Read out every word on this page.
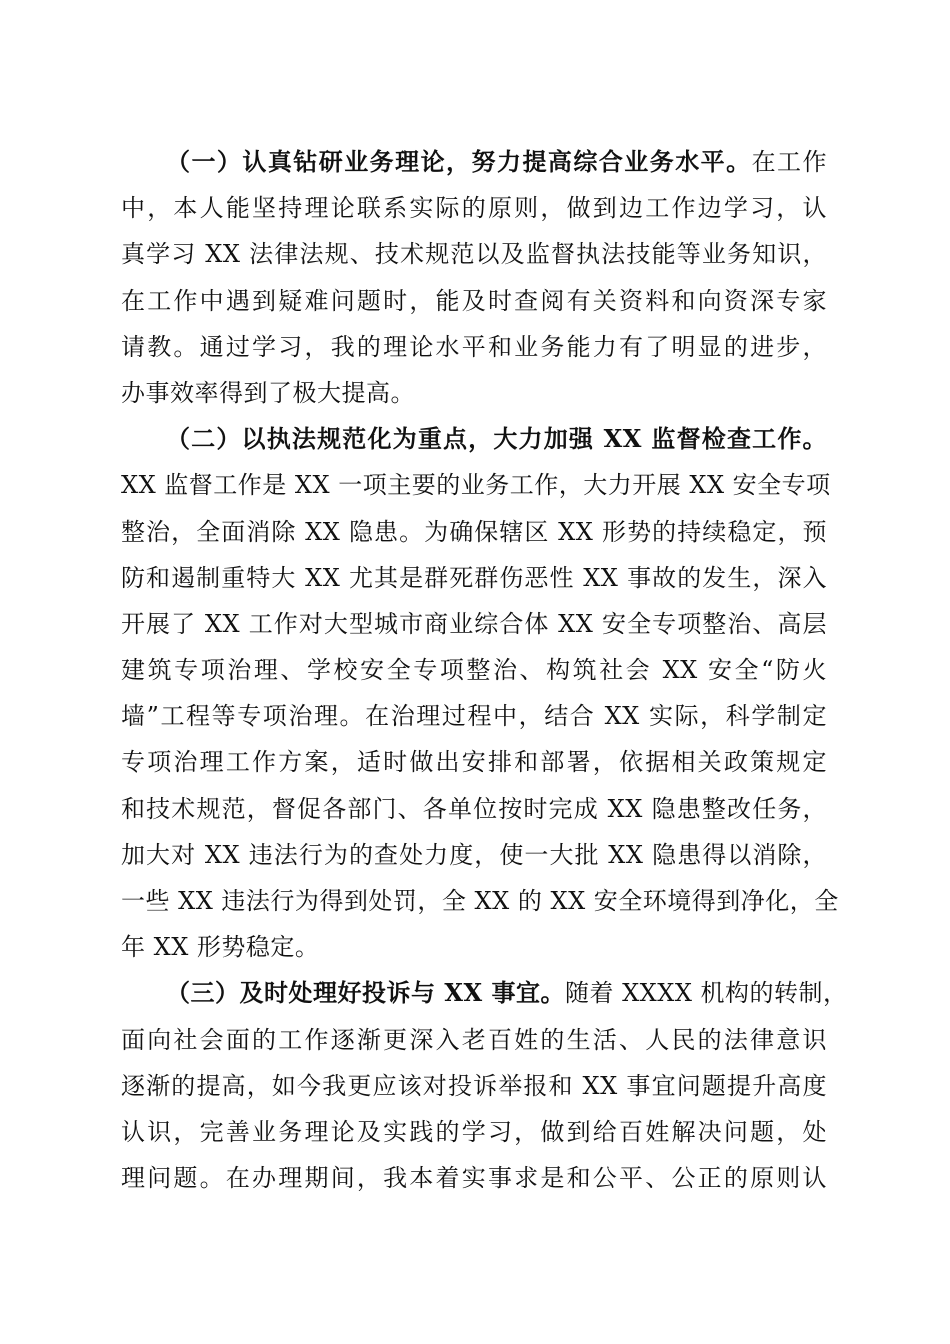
（一）认真钻研业务理论，努力提高综合业务水平。在工作
中，本人能坚持理论联系实际的原则，做到边工作边学习，认
真学习 XX 法律法规、技术规范以及监督执法技能等业务知识，
在工作中遇到疑难问题时，能及时查阅有关资料和向资深专家
请教。通过学习，我的理论水平和业务能力有了明显的进步，
办事效率得到了极大提高。
（二）以执法规范化为重点，大力加强 XX 监督检查工作。
XX 监督工作是 XX 一项主要的业务工作，大力开展 XX 安全专项
整治，全面消除 XX 隐患。为确保辖区 XX 形势的持续稳定，预
防和遏制重特大 XX 尤其是群死群伤恶性 XX 事故的发生，深入
开展了 XX 工作对大型城市商业综合体 XX 安全专项整治、高层
建筑专项治理、学校安全专项整治、构筑社会 XX 安全“防火
墙”工程等专项治理。在治理过程中，结合 XX 实际，科学制定
专项治理工作方案，适时做出安排和部署，依据相关政策规定
和技术规范，督促各部门、各单位按时完成 XX 隐患整改任务，
加大对 XX 违法行为的查处力度，使一大批 XX 隐患得以消除，
一些 XX 违法行为得到处罚，全 XX 的 XX 安全环境得到净化，全
年 XX 形势稳定。
（三）及时处理好投诉与 XX 事宜。随着 XXXX 机构的转制，
面向社会面的工作逐渐更深入老百姓的生活、人民的法律意识
逐渐的提高，如今我更应该对投诉举报和 XX 事宜问题提升高度
认识，完善业务理论及实践的学习，做到给百姓解决问题，处
理问题。在办理期间，我本着实事求是和公平、公正的原则认
